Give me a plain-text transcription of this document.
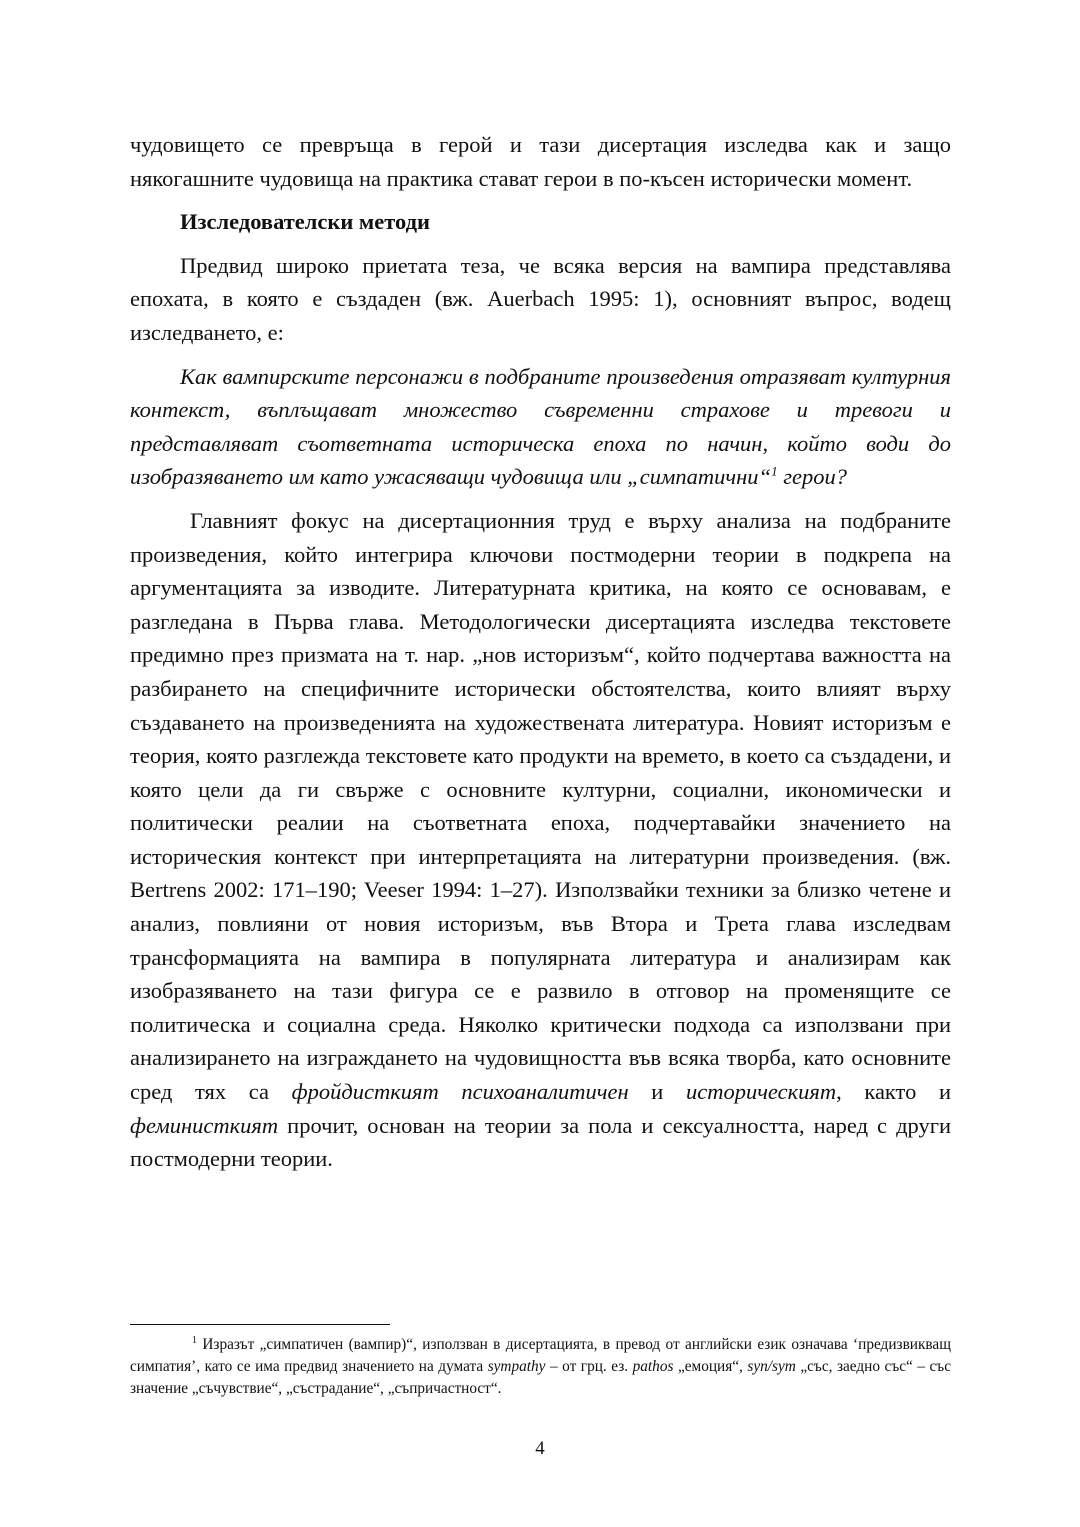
чудовището се превръща в герой и тази дисертация изследва как и защо някогашните чудовища на практика стават герои в по-късен исторически момент.

Изследователски методи

Предвид широко приетата теза, че всяка версия на вампира представлява епохата, в която е създаден (вж. Auerbach 1995: 1), основният въпрос, водещ изследването, е:

Как вампирските персонажи в подбраните произведения отразяват културния контекст, въплъщават множество съвременни страхове и тревоги и представляват съответната историческа епоха по начин, който води до изобразяването им като ужасяващи чудовища или „симпатични“$^1$ герои?

Главният фокус на дисертационния труд е върху анализа на подбраните произведения, който интегрира ключови постмодерни теории в подкрепа на аргументацията за изводите. Литературната критика, на която се основавам, е разгледана в Първа глава. Методологически дисертацията изследва текстовете предимно през призмата на т. нар. „нов историзъм“, който подчертава важността на разбирането на специфичните исторически обстоятелства, които влияят върху създаването на произведенията на художествената литература. Новият историзъм е теория, която разглежда текстовете като продукти на времето, в което са създадени, и която цели да ги свърже с основните културни, социални, икономически и политически реалии на съответната епоха, подчертавайки значението на историческия контекст при интерпретацията на литературни произведения. (вж. Bertrens 2002: 171–190; Veeser 1994: 1–27). Използвайки техники за близко четене и анализ, повлияни от новия историзъм, във Втора и Трета глава изследвам трансформацията на вампира в популярната литература и анализирам как изобразяването на тази фигура се е развило в отговор на променящите се политическа и социална среда. Няколко критически подхода са използвани при анализирането на изграждането на чудовищността във всяка творба, като основните сред тях са фройдисткият психоаналитичен и историческият, както и феминисткият прочит, основан на теории за пола и сексуалността, наред с други постмодерни теории.

$^1$ Изразът „симпатичен (вампир)“, използван в дисертацията, в превод от английски език означава ‘предизвикващ симпатия’, като се има предвид значението на думата sympathy – от грц. ез. pathos „емоция“, syn/sym „със, заедно със“ – със значение „съчувствие“, „състрадание“, „съпричастност“.

4
